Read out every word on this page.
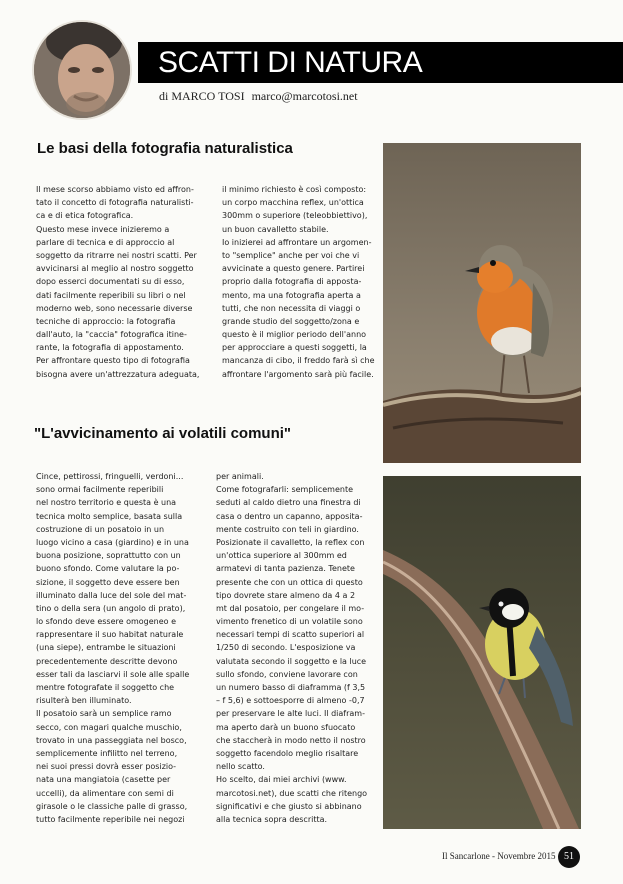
SCATTI DI NATURA
di MARCO TOSI marco@marcotosi.net
Le basi della fotografia naturalistica
Il mese scorso abbiamo visto ed affron-
tato il concetto di fotografia naturalisti-
ca e di etica fotografica.
Questo mese invece inizieremo a
parlare di tecnica e di approccio al
soggetto da ritrarre nei nostri scatti. Per
avvicinarsi al meglio al nostro soggetto
dopo esserci documentati su di esso,
dati facilmente reperibili su libri o nel
moderno web, sono necessarie diverse
tecniche di approccio: la fotografia
dall'auto, la "caccia" fotografica itine-
rante, la fotografia di appostamento.
Per affrontare questo tipo di fotografia
bisogna avere un'attrezzatura adeguata,
il minimo richiesto è così composto:
un corpo macchina reflex, un'ottica
300mm o superiore (teleobbiettivo),
un buon cavalletto stabile.
Io inizierei ad affrontare un argomen-
to "semplice" anche per voi che vi
avvicinate a questo genere. Partirei
proprio dalla fotografia di apposta-
mento, ma una fotografia aperta a
tutti, che non necessita di viaggi o
grande studio del soggetto/zona e
questo è il miglior periodo dell'anno
per approcciare a questi soggetti, la
mancanza di cibo, il freddo farà sì che
affrontare l'argomento sarà più facile.
"L'avvicinamento ai volatili comuni"
Cince, pettirossi, fringuelli, verdoni...
sono ormai facilmente reperibili
nel nostro territorio e questa è una
tecnica molto semplice, basata sulla
costruzione di un posatoio in un
luogo vicino a casa (giardino) e in una
buona posizione, soprattutto con un
buono sfondo. Come valutare la po-
sizione, il soggetto deve essere ben
illuminato dalla luce del sole del mat-
tino o della sera (un angolo di prato),
lo sfondo deve essere omogeneo e
rappresentare il suo habitat naturale
(una siepe), entrambe le situazioni
precedentemente descritte devono
esser tali da lasciarvi il sole alle spalle
mentre fotografate il soggetto che
risulterà ben illuminato.
Il posatoio sarà un semplice ramo
secco, con magari qualche muschio,
trovato in una passeggiata nel bosco,
semplicemente infilitto nel terreno,
nei suoi pressi dovrà esser posizio-
nata una mangiatoia (casette per
uccelli), da alimentare con semi di
girasole o le classiche palle di grasso,
tutto facilmente reperibile nei negozi
per animali.
Come fotografarli: semplicemente
seduti al caldo dietro una finestra di
casa o dentro un capanno, apposita-
mente costruito con teli in giardino.
Posizionate il cavalletto, la reflex con
un'ottica superiore al 300mm ed
armatevi di tanta pazienza. Tenete
presente che con un ottica di questo
tipo dovrete stare almeno da 4 a 2
mt dal posatoio, per congelare il mo-
vimento frenetico di un volatile sono
necessari tempi di scatto superiori al
1/250 di secondo. L'esposizione va
valutata secondo il soggetto e la luce
sullo sfondo, conviene lavorare con
un numero basso di diaframma (f 3,5
– f 5,6) e sottoesporre di almeno -0,7
per preservare le alte luci. Il diafram-
ma aperto darà un buono sfuocato
che staccherà in modo netto il nostro
soggetto facendolo meglio risaltare
nello scatto.
Ho scelto, dai miei archivi (www.
marcotosi.net), due scatti che ritengo
significativi e che giusto si abbinano
alla tecnica sopra descritta.
Il Sancarlone - Novembre 2015 51
